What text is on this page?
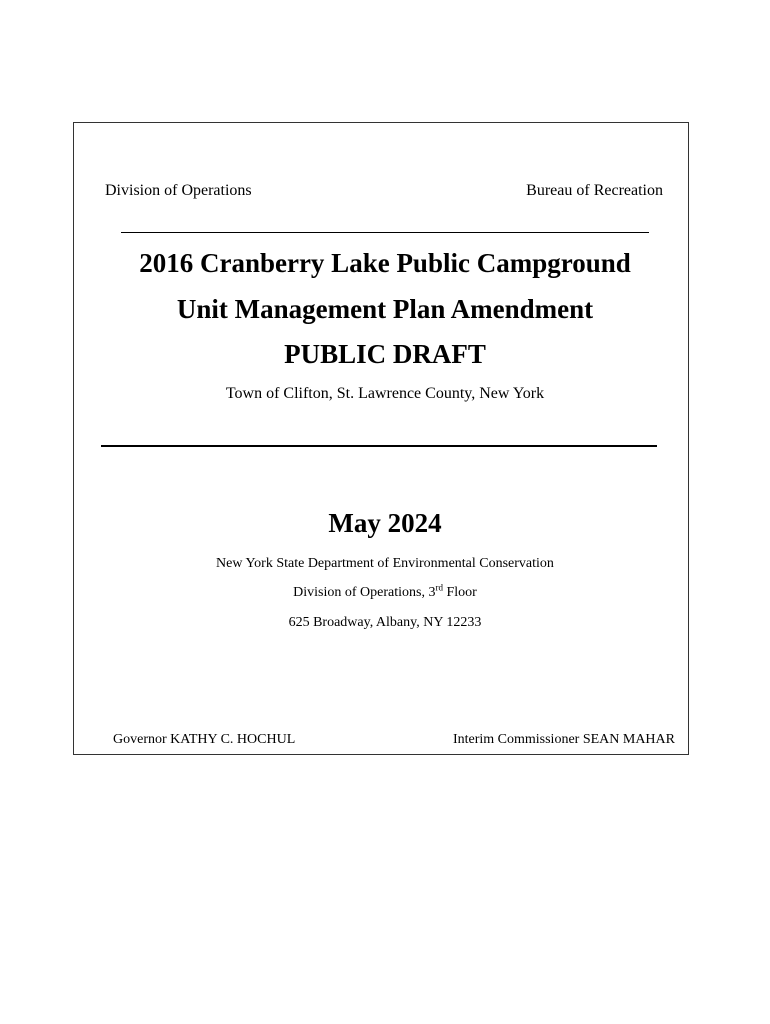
Division of Operations	Bureau of Recreation
2016 Cranberry Lake Public Campground
Unit Management Plan Amendment
PUBLIC DRAFT
Town of Clifton, St. Lawrence County, New York
May 2024
New York State Department of Environmental Conservation
Division of Operations, 3rd Floor
625 Broadway, Albany, NY 12233
Governor KATHY C. HOCHUL	Interim Commissioner SEAN MAHAR
